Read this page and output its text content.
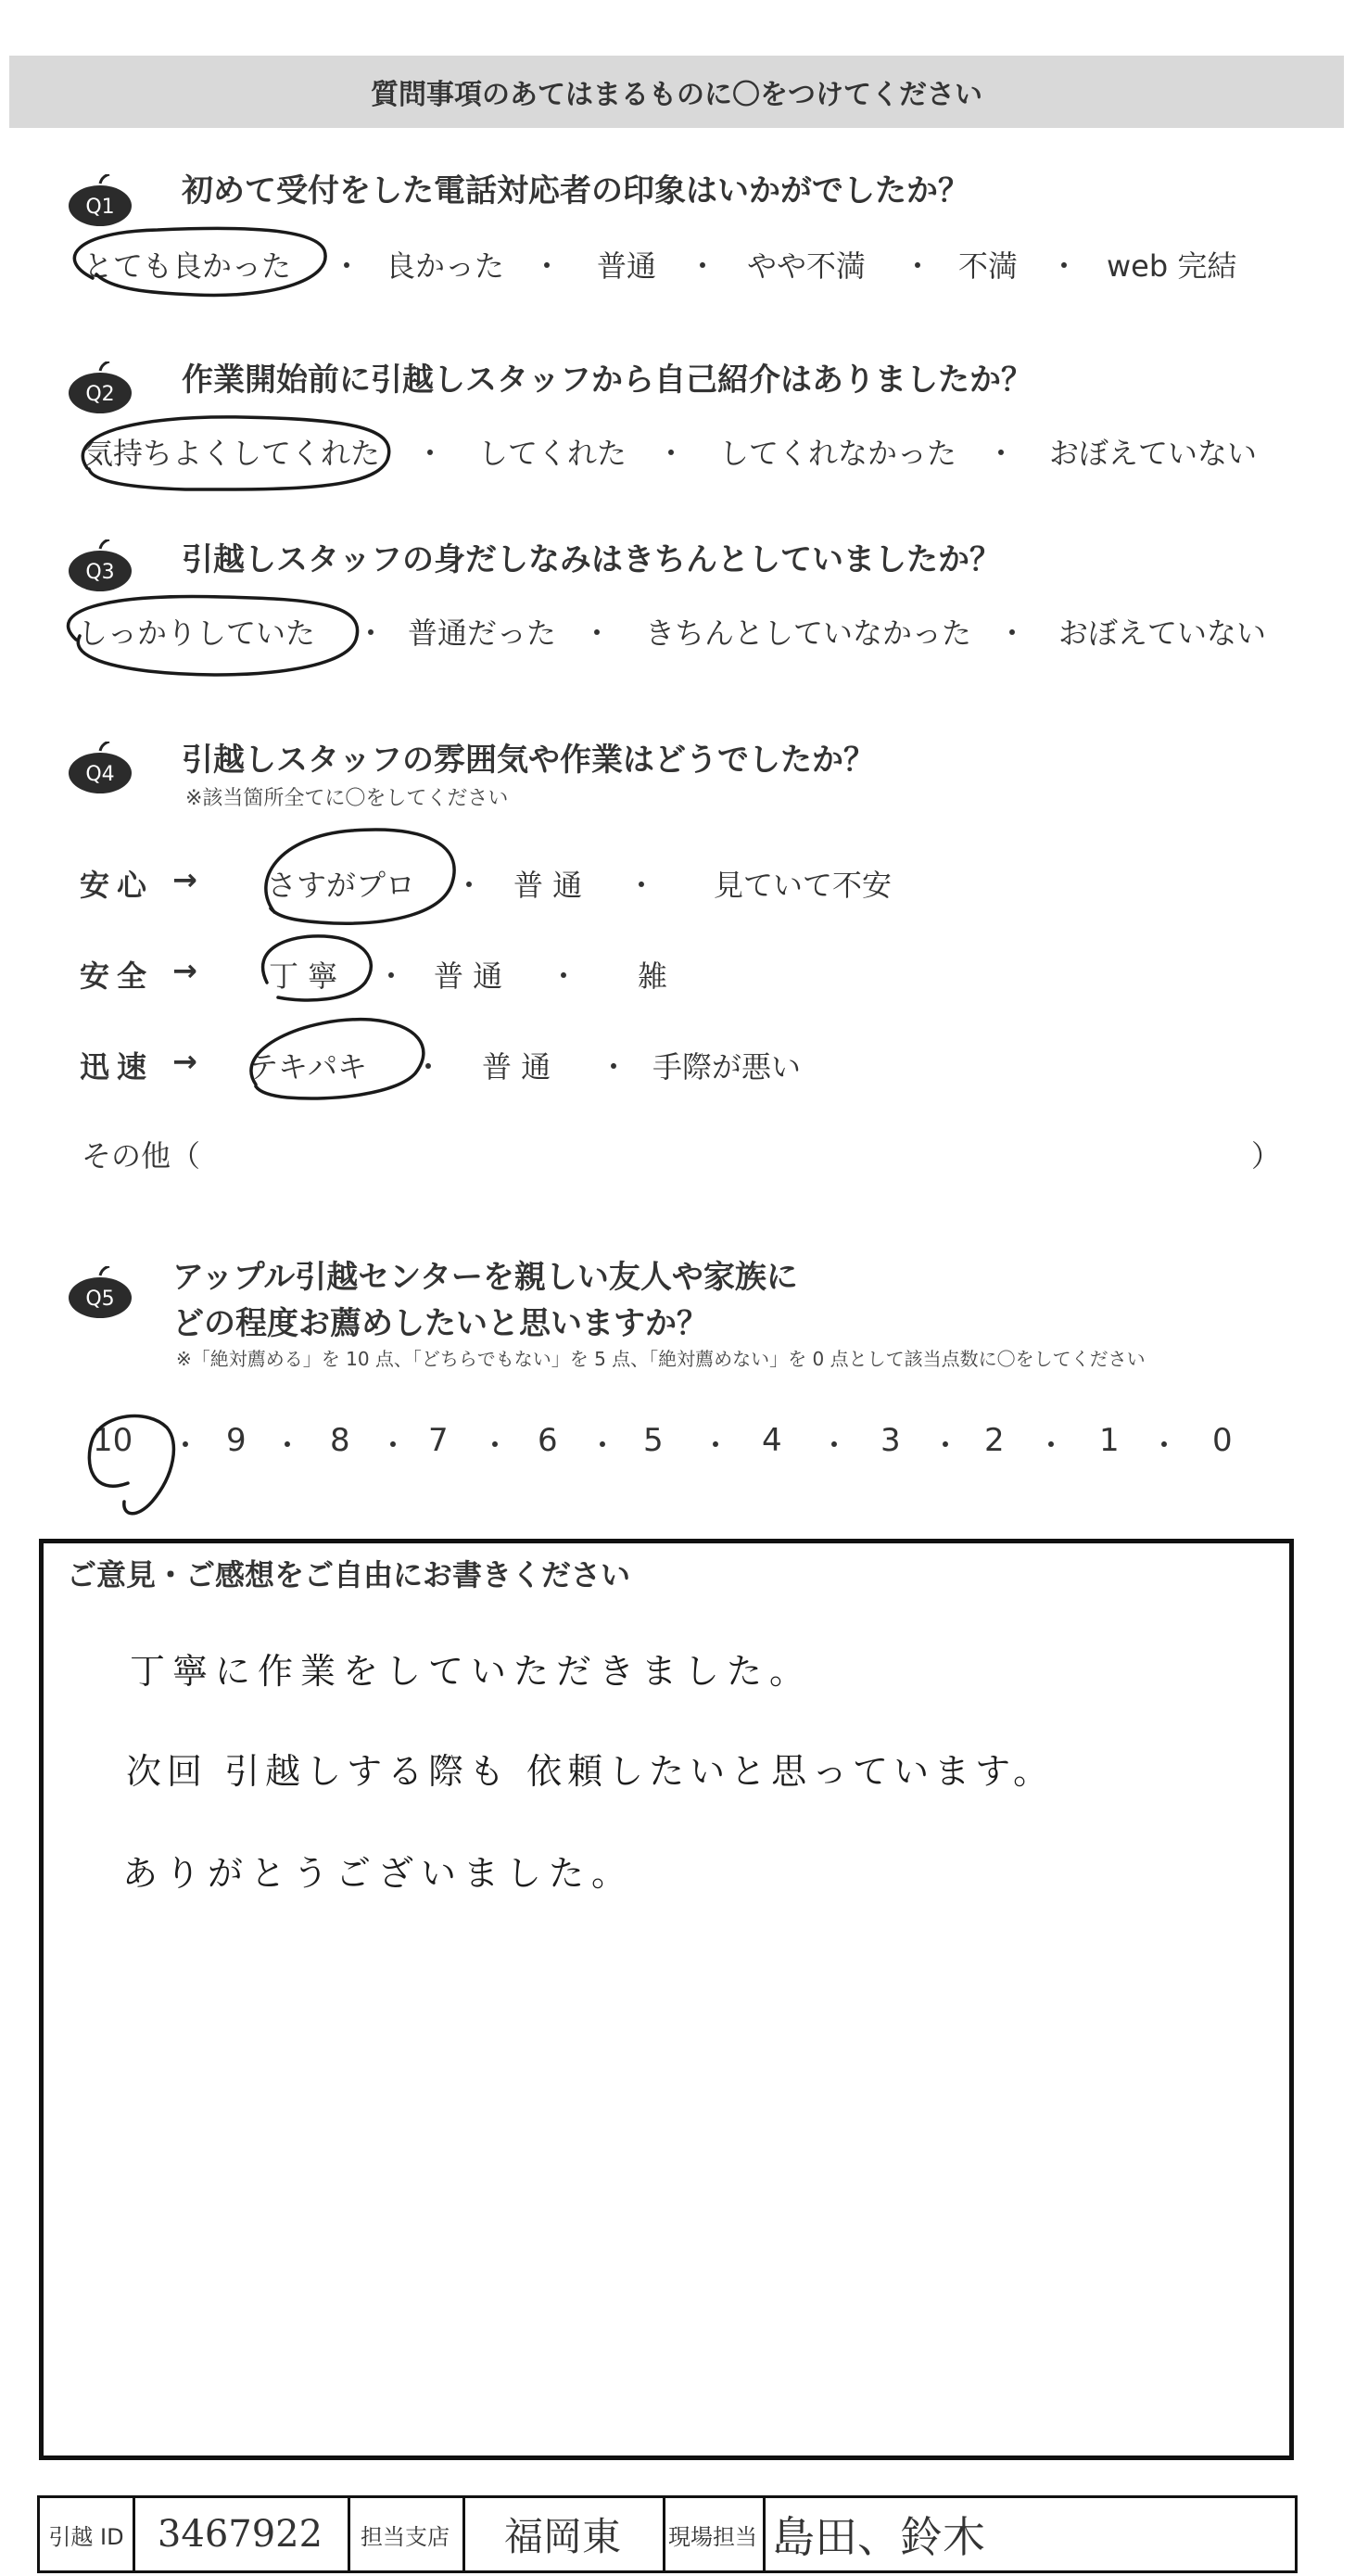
質問事項のあてはまるものに〇をつけてください
Q1 初めて受付をした電話対応者の印象はいかがでしたか？
とても良かった ・ 良かった ・ 普通 ・ やや不満 ・ 不満 ・ web 完結
Q2 作業開始前に引越しスタッフから自己紹介はありましたか？
気持ちよくしてくれた ・ してくれた ・ してくれなかった ・ おぼえていない
Q3 引越しスタッフの身だしなみはきちんとしていましたか？
しっかりしていた ・ 普通だった ・ きちんとしていなかった ・ おぼえていない
Q4 引越しスタッフの雰囲気や作業はどうでしたか？
※該当箇所全てに〇をしてください
安心 → さすがプロ ・ 普 通 ・ 見ていて不安
安全 → 丁 寧 ・ 普 通 ・ 雑
迅速 → テキパキ ・ 普 通 ・ 手際が悪い
その他（	）
Q5
アップル引越センターを親しい友人や家族に
どの程度お薦めしたいと思いますか？
※「絶対薦める」を 10 点、「どちらでもない」を 5 点、「絶対薦めない」を 0 点として該当点数に〇をしてください
10 ・ 9 ・ 8 ・ 7 ・ 6 ・ 5 ・ 4 ・ 3 ・ 2 ・ 1 ・ 0
ご意見・ご感想をご自由にお書きください
丁寧に作業をしていただきました。
次回 引越しする際も 依頼したいと思っています。
ありがとうございました。
引越 ID 3467922	担当支店	福岡東	現場担当 島田、鈴木
